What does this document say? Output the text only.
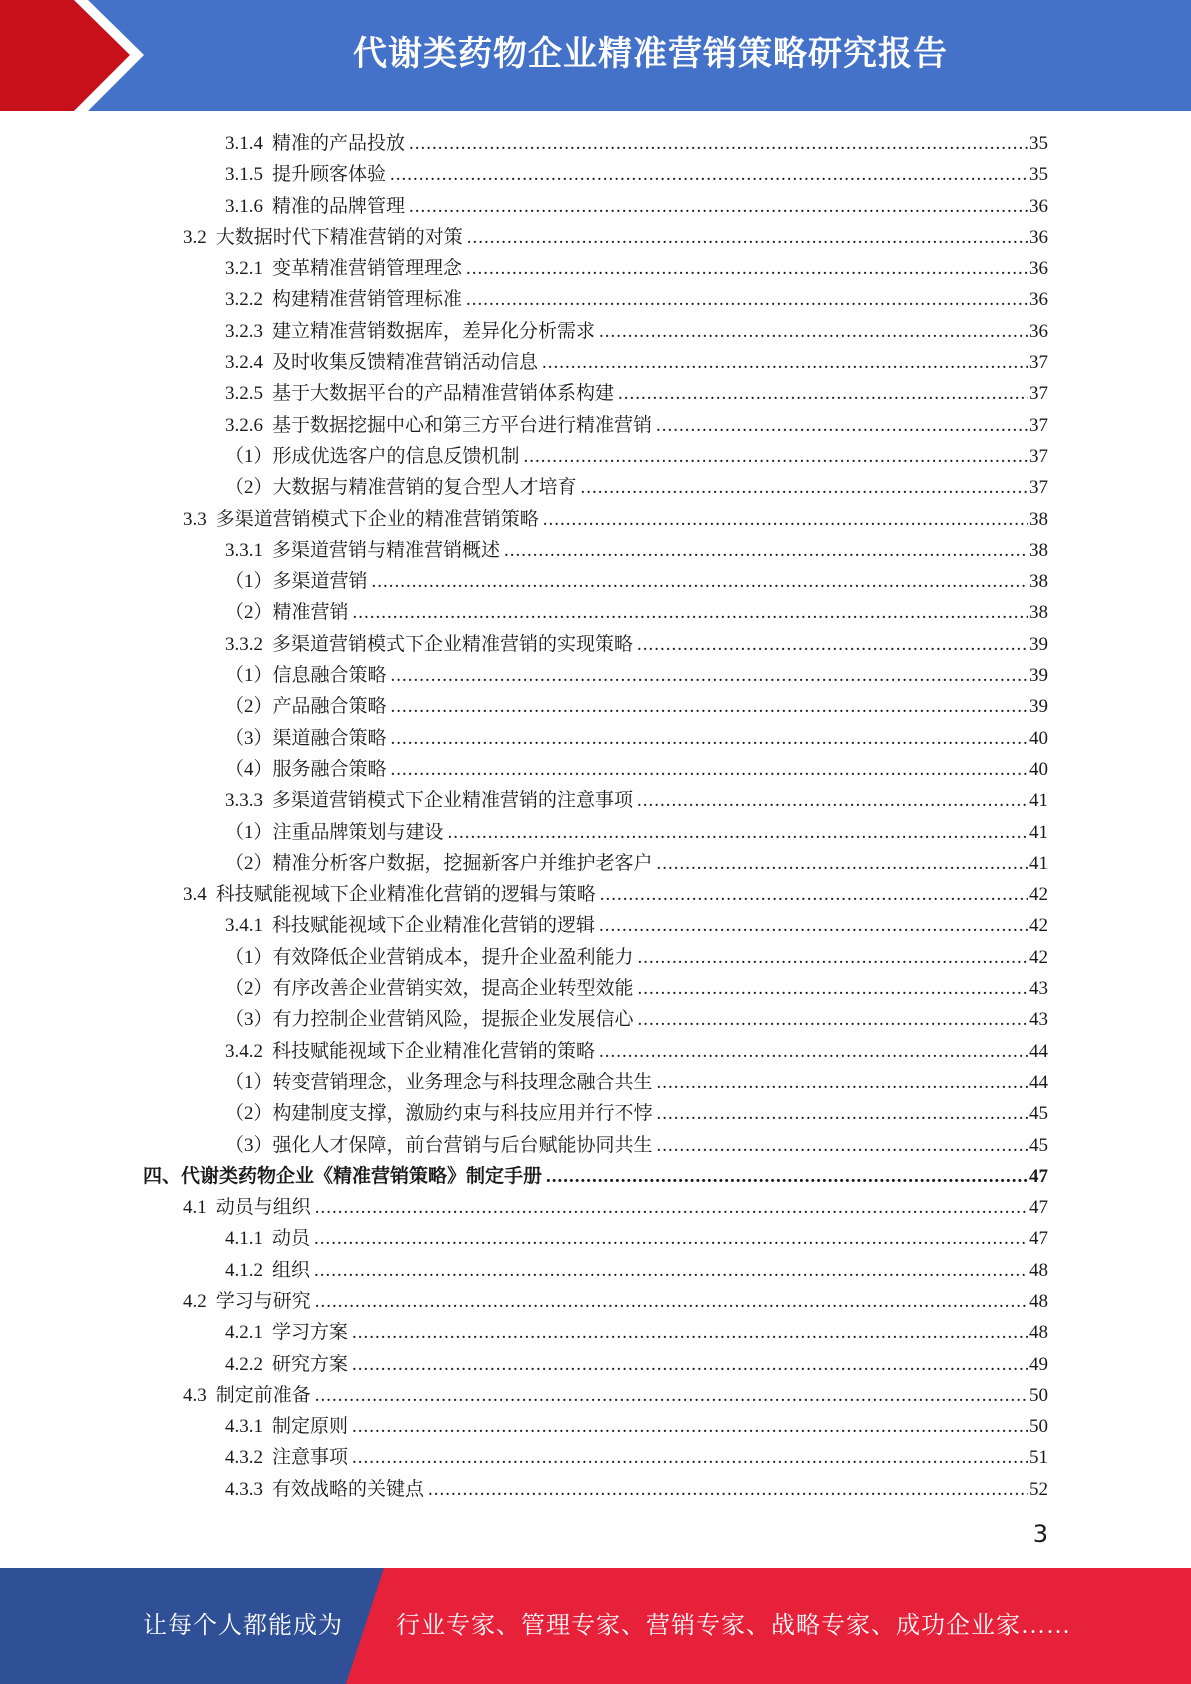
代谢类药物企业精准营销策略研究报告
3.1.4 精准的产品投放 .....	35
3.1.5 提升顾客体验 .....	35
3.1.6 精准的品牌管理 .....	36
3.2 大数据时代下精准营销的对策 .....	36
3.2.1 变革精准营销管理理念 .....	36
3.2.2 构建精准营销管理标准 .....	36
3.2.3 建立精准营销数据库，差异化分析需求 .....	36
3.2.4 及时收集反馈精准营销活动信息 .....	37
3.2.5 基于大数据平台的产品精准营销体系构建 .....	37
3.2.6 基于数据挖掘中心和第三方平台进行精准营销 .....	37
（1）形成优选客户的信息反馈机制 .....	37
（2）大数据与精准营销的复合型人才培育 .....	37
3.3 多渠道营销模式下企业的精准营销策略 .....	38
3.3.1 多渠道营销与精准营销概述 .....	38
（1）多渠道营销 .....	38
（2）精准营销 .....	38
3.3.2 多渠道营销模式下企业精准营销的实现策略 .....	39
（1）信息融合策略 .....	39
（2）产品融合策略 .....	39
（3）渠道融合策略 .....	40
（4）服务融合策略 .....	40
3.3.3 多渠道营销模式下企业精准营销的注意事项 .....	41
（1）注重品牌策划与建设 .....	41
（2）精准分析客户数据，挖掘新客户并维护老客户 .....	41
3.4 科技赋能视域下企业精准化营销的逻辑与策略 .....	42
3.4.1 科技赋能视域下企业精准化营销的逻辑 .....	42
（1）有效降低企业营销成本，提升企业盈利能力 .....	42
（2）有序改善企业营销实效，提高企业转型效能 .....	43
（3）有力控制企业营销风险，提振企业发展信心 .....	43
3.4.2 科技赋能视域下企业精准化营销的策略 .....	44
（1）转变营销理念，业务理念与科技理念融合共生 .....	44
（2）构建制度支撑，激励约束与科技应用并行不悖 .....	45
（3）强化人才保障，前台营销与后台赋能协同共生 .....	45
四、代谢类药物企业《精准营销策略》制定手册 .....	47
4.1 动员与组织 .....	47
4.1.1 动员 .....	47
4.1.2 组织 .....	48
4.2 学习与研究 .....	48
4.2.1 学习方案 .....	48
4.2.2 研究方案 .....	49
4.3 制定前准备 .....	50
4.3.1 制定原则 .....	50
4.3.2 注意事项 .....	51
4.3.3 有效战略的关键点 .....	52
3
让每个人都能成为 行业专家、管理专家、营销专家、战略专家、成功企业家……
